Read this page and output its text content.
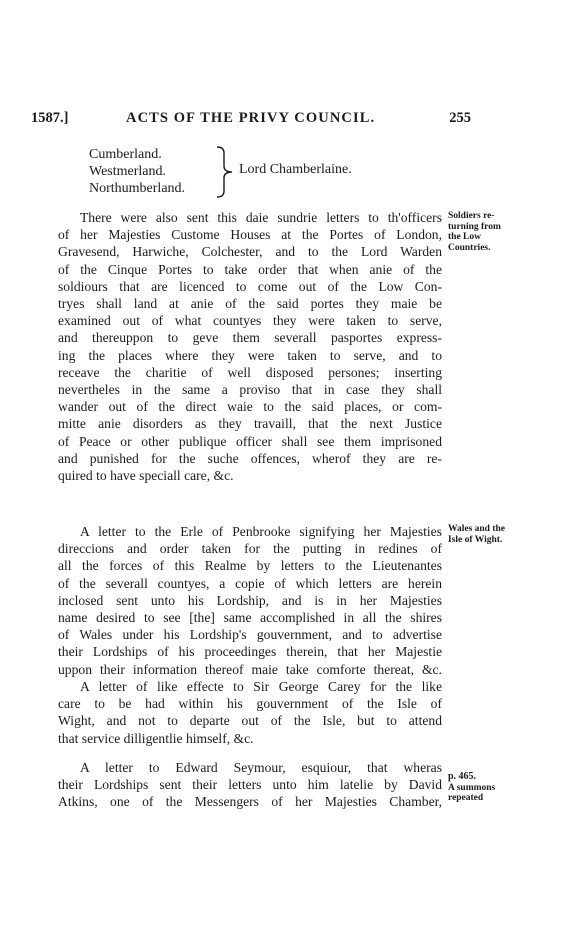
1587.]	ACTS OF THE PRIVY COUNCIL.	255
Cumberland.
Westmerland.
Northumberland.
Lord Chamberlaine.
There were also sent this daie sundrie letters to th'officers
of her Majesties Custome Houses at the Portes of London,
Gravesend, Harwiche, Colchester, and to the Lord Warden
of the Cinque Portes to take order that when anie of the
soldiours that are licenced to come out of the Low Con-
tryes shall land at anie of the said portes they maie be
examined out of what countyes they were taken to serve,
and thereuppon to geve them severall pasportes express-
ing the places where they were taken to serve, and to
receave the charitie of well disposed persones; inserting
nevertheles in the same a proviso that in case they shall
wander out of the direct waie to the said places, or com-
mitte anie disorders as they travaill, that the next Justice
of Peace or other publique officer shall see them imprisoned
and punished for the suche offences, wherof they are re-
quired to have speciall care, &c.
A letter to the Erle of Penbrooke signifying her Majesties
direccions and order taken for the putting in redines of
all the forces of this Realme by letters to the Lieutenantes
of the severall countyes, a copie of which letters are herein
inclosed sent unto his Lordship, and is in her Majesties
name desired to see [the] same accomplished in all the shires
of Wales under his Lordship's gouvernment, and to advertise
their Lordships of his proceedinges therein, that her Majestie
uppon their information thereof maie take comforte thereat, &c.
A letter of like effecte to Sir George Carey for the like
care to be had within his gouvernment of the Isle of
Wight, and not to departe out of the Isle, but to attend
that service dilligentlie himself, &c.
A letter to Edward Seymour, esquiour, that wheras
their Lordships sent their letters unto him latelie by David
Atkins, one of the Messengers of her Majesties Chamber,
Soldiers re-
turning from
the Low
Countries.
Wales and the
Isle of Wight.
p. 465.
A summons
repeated
